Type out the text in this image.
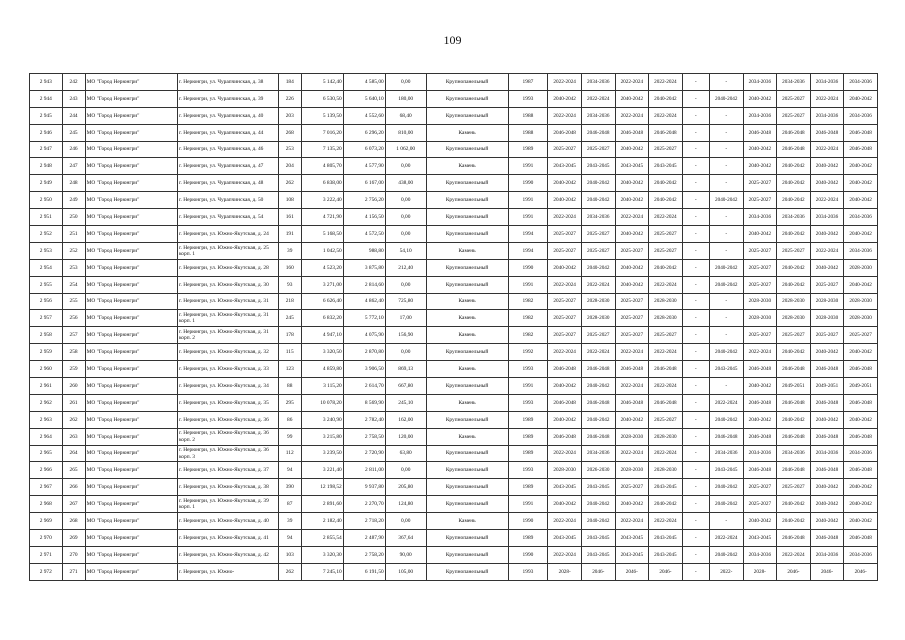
109
2 943	242	МО "Город Нерюнгри"	г. Нерюнгри, ул. Чурапчинская, д. 38	184	5 142,40	4 585,00	0,00	Крупнопанельный	1987	2022-2024	2034-2036	2022-2024	2022-2024	-	-	2034-2036	2034-2036	2034-2036	2034-2036
2 944	243	МО "Город Нерюнгри"	г. Нерюнгри, ул. Чурапчинская, д. 39	226	6 530,50	5 640,10	180,00	Крупнопанельный	1993	2040-2042	2022-2024	2040-2042	2040-2042	-	2040-2042	2040-2042	2025-2027	2022-2024	2040-2042
2 945	244	МО "Город Нерюнгри"	г. Нерюнгри, ул. Чурапчинская, д. 40	203	5 139,50	4 552,60	68,40	Крупнопанельный	1988	2022-2024	2034-2036	2022-2024	2022-2024	-	-	2034-2036	2025-2027	2034-2036	2034-2036
2 946	245	МО "Город Нерюнгри"	г. Нерюнгри, ул. Чурапчинская, д. 44	268	7 016,20	6 296,20	810,00	Камень	1988	2046-2048	2046-2048	2046-2048	2046-2048	-	-	2046-2048	2046-2048	2046-2048	2046-2048
2 947	246	МО "Город Нерюнгри"	г. Нерюнгри, ул. Чурапчинская, д. 46	253	7 135,20	6 073,20	1 062,00	Крупнопанельный	1989	2025-2027	2025-2027	2040-2042	2025-2027	-	-	2040-2042	2046-2048	2022-2024	2046-2048
2 948	247	МО "Город Нерюнгри"	г. Нерюнгри, ул. Чурапчинская, д. 47	204	4 805,70	4 577,90	0,00	Камень	1991	2043-2045	2043-2045	2043-2045	2043-2045	-	-	2040-2042	2040-2042	2040-2042	2040-2042
2 949	248	МО "Город Нерюнгри"	г. Нерюнгри, ул. Чурапчинская, д. 48	262	6 838,00	6 167,00	438,00	Крупнопанельный	1990	2040-2042	2040-2042	2040-2042	2040-2042	-	-	2025-2027	2040-2042	2040-2042	2040-2042
2 950	249	МО "Город Нерюнгри"	г. Нерюнгри, ул. Чурапчинская, д. 50	108	3 222,40	2 756,20	0,00	Крупнопанельный	1991	2040-2042	2040-2042	2040-2042	2040-2042	-	2040-2042	2025-2027	2040-2042	2022-2024	2040-2042
2 951	250	МО "Город Нерюнгри"	г. Нерюнгри, ул. Чурапчинская, д. 54	161	4 721,90	4 156,50	0,00	Крупнопанельный	1991	2022-2024	2034-2036	2022-2024	2022-2024	-	-	2034-2036	2034-2036	2034-2036	2034-2036
2 952	251	МО "Город Нерюнгри"	г. Нерюнгри, ул. Южно-Якутская, д. 24	191	5 168,50	4 572,50	0,00	Крупнопанельный	1994	2025-2027	2025-2027	2040-2042	2025-2027	-	-	2040-2042	2040-2042	2040-2042	2040-2042
2 953	252	МО "Город Нерюнгри"	г. Нерюнгри, ул. Южно-Якутская, д. 25 корп. 1	39	1 042,50	988,80	54,10	Камень	1994	2025-2027	2025-2027	2025-2027	2025-2027	-	-	2025-2027	2025-2027	2022-2024	2034-2036
2 954	253	МО "Город Нерюнгри"	г. Нерюнгри, ул. Южно-Якутская, д. 28	160	4 523,20	3 875,80	212,40	Крупнопанельный	1990	2040-2042	2040-2042	2040-2042	2040-2042	-	2040-2042	2025-2027	2040-2042	2040-2042	2028-2030
2 955	254	МО "Город Нерюнгри"	г. Нерюнгри, ул. Южно-Якутская, д. 30	93	3 271,00	2 814,60	0,00	Крупнопанельный	1991	2022-2024	2022-2024	2040-2042	2022-2024	-	2040-2042	2025-2027	2040-2042	2025-2027	2040-2042
2 956	255	МО "Город Нерюнгри"	г. Нерюнгри, ул. Южно-Якутская, д. 31	218	6 626,40	4 862,40	725,80	Камень	1982	2025-2027	2028-2030	2025-2027	2028-2030	-	-	2028-2030	2028-2030	2028-2030	2028-2030
2 957	256	МО "Город Нерюнгри"	г. Нерюнгри, ул. Южно-Якутская, д. 31 корп. 1	245	6 832,20	5 772,10	17,00	Камень	1982	2025-2027	2028-2030	2025-2027	2028-2030	-	-	2028-2030	2028-2030	2028-2030	2028-2030
2 958	257	МО "Город Нерюнгри"	г. Нерюнгри, ул. Южно-Якутская, д. 31 корп. 2	178	4 947,10	4 075,90	156,90	Камень	1982	2025-2027	2025-2027	2025-2027	2025-2027	-	-	2025-2027	2025-2027	2025-2027	2025-2027
2 959	258	МО "Город Нерюнгри"	г. Нерюнгри, ул. Южно-Якутская, д. 32	115	3 320,50	2 870,80	0,00	Крупнопанельный	1992	2022-2024	2022-2024	2022-2024	2022-2024	-	2040-2042	2022-2024	2040-2042	2040-2042	2040-2042
2 960	259	МО "Город Нерюнгри"	г. Нерюнгри, ул. Южно-Якутская, д. 33	123	4 859,80	3 906,50	869,13	Камень	1993	2046-2048	2046-2048	2046-2048	2046-2048	-	2043-2045	2046-2048	2046-2048	2046-2048	2046-2048
2 961	260	МО "Город Нерюнгри"	г. Нерюнгри, ул. Южно-Якутская, д. 34	88	3 115,20	2 614,70	667,80	Крупнопанельный	1991	2040-2042	2040-2042	2022-2024	2022-2024	-	-	2040-2042	2049-2051	2049-2051	2049-2051
2 962	261	МО "Город Нерюнгри"	г. Нерюнгри, ул. Южно-Якутская, д. 35	295	10 078,20	8 569,90	245,10	Камень	1993	2046-2048	2046-2048	2046-2048	2046-2048	-	2022-2024	2046-2048	2046-2048	2046-2048	2046-2048
2 963	262	МО "Город Нерюнгри"	г. Нерюнгри, ул. Южно-Якутская, д. 36	86	3 240,90	2 782,40	162,00	Крупнопанельный	1989	2040-2042	2040-2042	2040-2042	2025-2027	-	2040-2042	2040-2042	2040-2042	2040-2042	2040-2042
2 964	263	МО "Город Нерюнгри"	г. Нерюнгри, ул. Южно-Якутская, д. 36 корп. 2	99	3 215,80	2 758,50	120,00	Камень	1989	2046-2048	2046-2048	2028-2030	2028-2030	-	2046-2048	2046-2048	2046-2048	2046-2048	2046-2048
2 965	264	МО "Город Нерюнгри"	г. Нерюнгри, ул. Южно-Якутская, д. 36 корп. 3	112	3 239,50	2 720,90	63,80	Крупнопанельный	1989	2022-2024	2034-2036	2022-2024	2022-2024	-	2034-2036	2034-2036	2034-2036	2034-2036	2034-2036
2 966	265	МО "Город Нерюнгри"	г. Нерюнгри, ул. Южно-Якутская, д. 37	94	3 221,40	2 811,00	0,00	Крупнопанельный	1993	2028-2030	2026-2030	2028-2030	2028-2030	-	2043-2045	2046-2048	2046-2048	2046-2048	2046-2048
2 967	266	МО "Город Нерюнгри"	г. Нерюнгри, ул. Южно-Якутская, д. 38	390	12 198,52	9 937,80	205,80	Крупнопанельный	1989	2043-2045	2043-2045	2025-2027	2043-2045	-	2040-2042	2025-2027	2025-2027	2040-2042	2040-2042
2 968	267	МО "Город Нерюнгри"	г. Нерюнгри, ул. Южно-Якутская, д. 39 корп. 1	87	2 891,60	2 270,70	124,80	Крупнопанельный	1991	2040-2042	2040-2042	2040-2042	2040-2042	-	2040-2042	2025-2027	2040-2042	2040-2042	2040-2042
2 969	268	МО "Город Нерюнгри"	г. Нерюнгри, ул. Южно-Якутская, д. 40	39	2 182,40	2 718,20	0,00	Камень	1990	2022-2024	2040-2042	2022-2024	2022-2024	-	-	2040-2042	2040-2042	2040-2042	2040-2042
2 970	269	МО "Город Нерюнгри"	г. Нерюнгри, ул. Южно-Якутская, д. 41	94	2 855,54	2 487,90	367,64	Крупнопанельный	1989	2043-2045	2043-2045	2043-2045	2043-2045	-	2022-2024	2043-2045	2046-2048	2046-2048	2046-2048
2 971	270	МО "Город Нерюнгри"	г. Нерюнгри, ул. Южно-Якутская, д. 42	103	3 320,30	2 758,20	90,00	Крупнопанельный	1990	2022-2024	2043-2045	2043-2045	2043-2045	-	2040-2042	2034-2036	2022-2024	2034-2036	2034-2036
2 972	271	МО "Город Нерюнгри"	г. Нерюнгри, ул. Южно-	262	7 245,10	6 191,50	105,00	Крупнопанельный	1993	2028-	2046-	2046-	2046-	-	2022-	2028-	2046-	2046-	2046-
